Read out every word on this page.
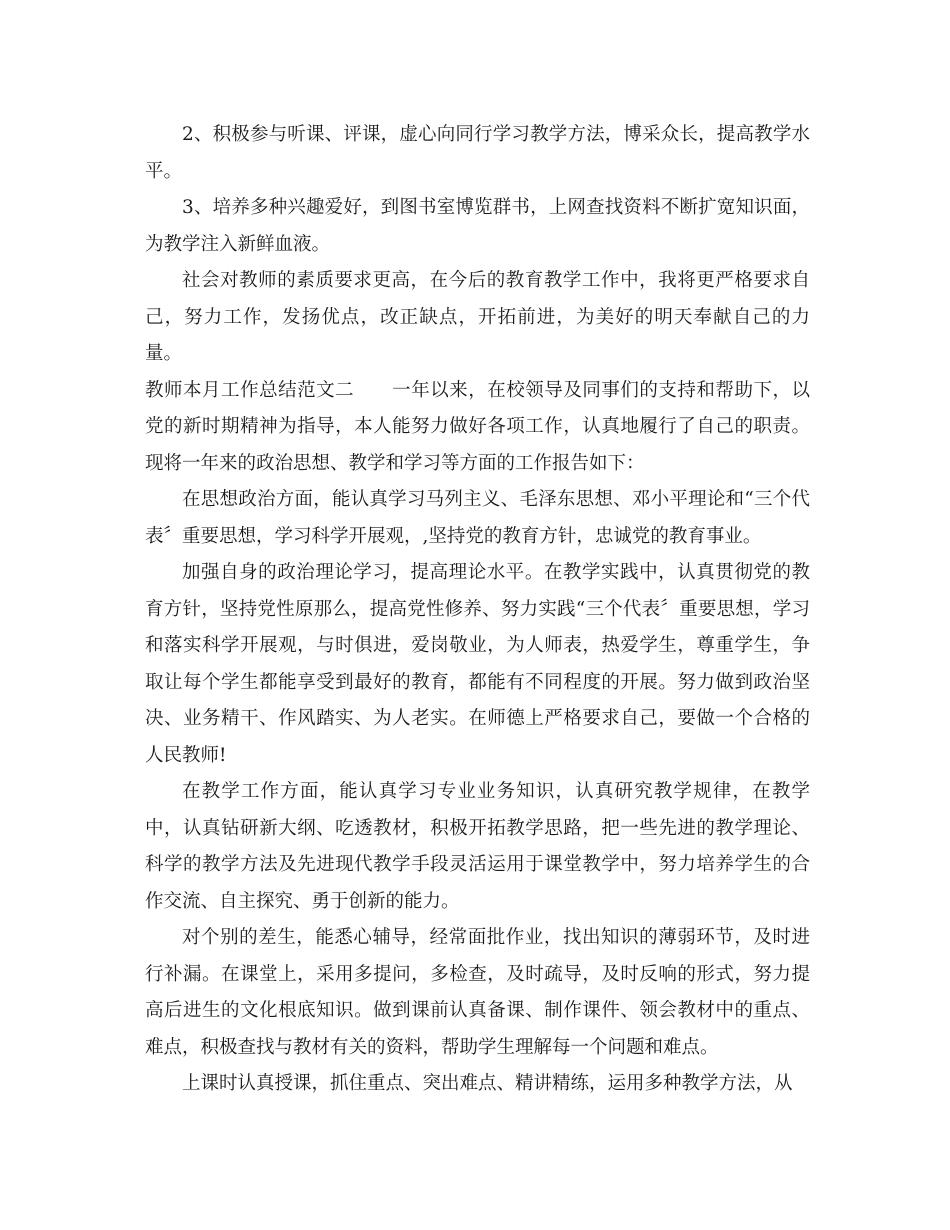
2、积极参与听课、评课，虚心向同行学习教学方法，博采众长，提高教学水平。

3、培养多种兴趣爱好，到图书室博览群书，上网查找资料不断扩宽知识面，为教学注入新鲜血液。

社会对教师的素质要求更高，在今后的教育教学工作中，我将更严格要求自己，努力工作，发扬优点，改正缺点，开拓前进，为美好的明天奉献自己的力量。

教师本月工作总结范文二　　一年以来，在校领导及同事们的支持和帮助下，以党的新时期精神为指导，本人能努力做好各项工作，认真地履行了自己的职责。现将一年来的政治思想、教学和学习等方面的工作报告如下：

在思想政治方面，能认真学习马列主义、毛泽东思想、邓小平理论和“三个代表〞重要思想，学习科学开展观，,坚持党的教育方针，忠诚党的教育事业。

加强自身的政治理论学习，提高理论水平。在教学实践中，认真贯彻党的教育方针，坚持党性原那么，提高党性修养、努力实践“三个代表〞重要思想，学习和落实科学开展观，与时俱进，爱岗敬业，为人师表，热爱学生，尊重学生，争取让每个学生都能享受到最好的教育，都能有不同程度的开展。努力做到政治坚决、业务精干、作风踏实、为人老实。在师德上严格要求自己，要做一个合格的人民教师!

在教学工作方面，能认真学习专业业务知识，认真研究教学规律，在教学中，认真钻研新大纲、吃透教材，积极开拓教学思路，把一些先进的教学理论、科学的教学方法及先进现代教学手段灵活运用于课堂教学中，努力培养学生的合作交流、自主探究、勇于创新的能力。

对个别的差生，能悉心辅导，经常面批作业，找出知识的薄弱环节，及时进行补漏。在课堂上，采用多提问，多检查，及时疏导，及时反响的形式，努力提高后进生的文化根底知识。做到课前认真备课、制作课件、领会教材中的重点、难点，积极查找与教材有关的资料，帮助学生理解每一个问题和难点。

上课时认真授课，抓住重点、突出难点、精讲精练，运用多种教学方法，从
